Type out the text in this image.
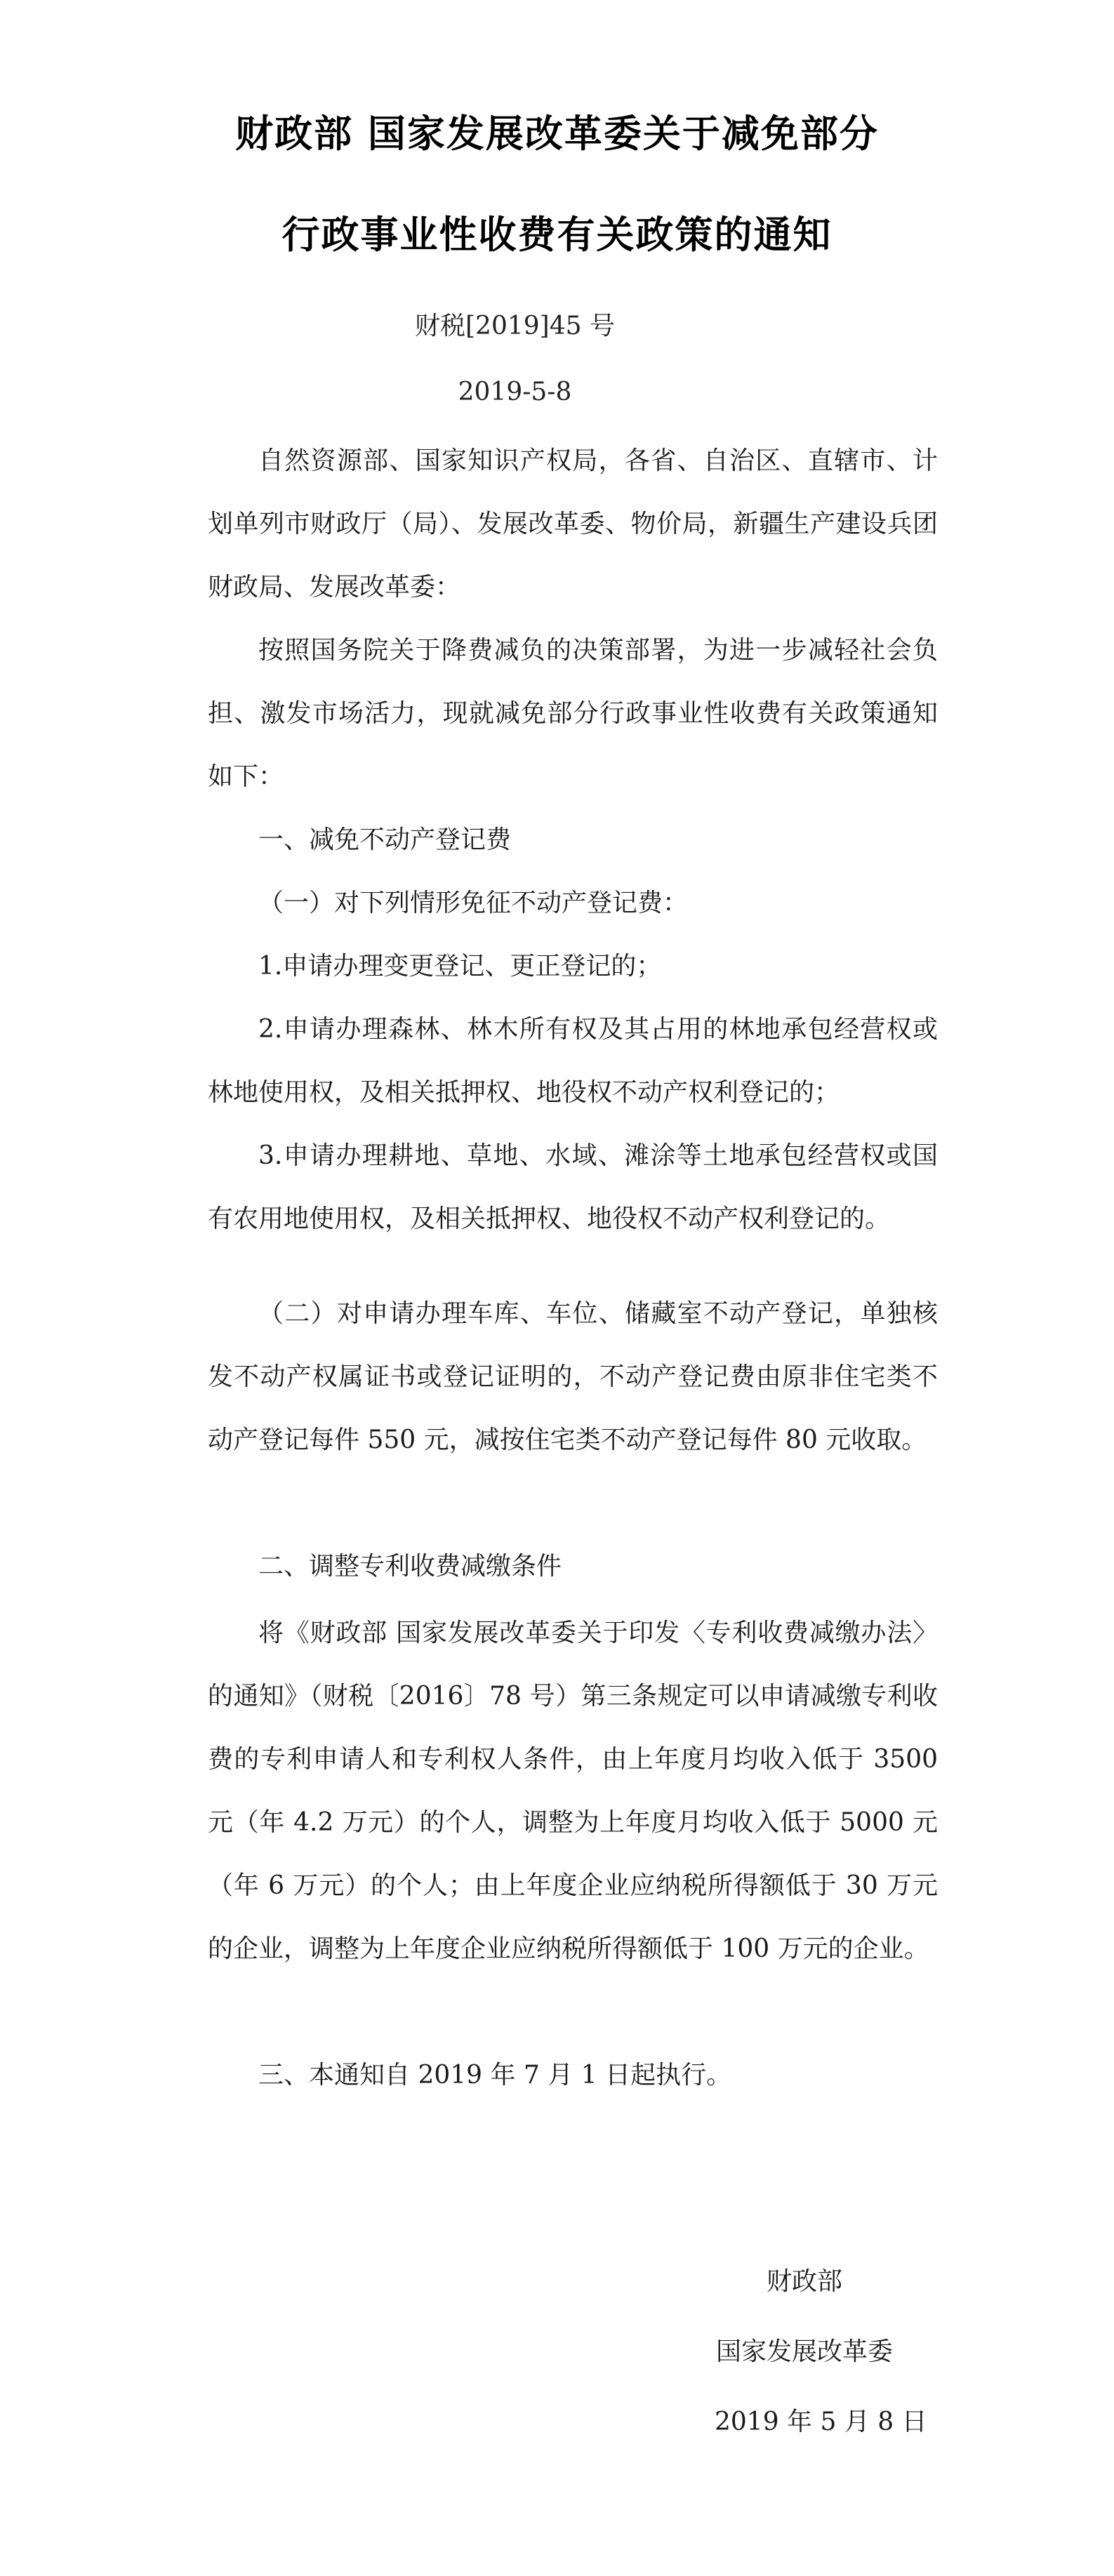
财政部 国家发展改革委关于减免部分
行政事业性收费有关政策的通知
财税[2019]45 号
2019-5-8

自然资源部、国家知识产权局，各省、自治区、直辖市、计划单列市财政厅（局）、发展改革委、物价局，新疆生产建设兵团财政局、发展改革委：

按照国务院关于降费减负的决策部署，为进一步减轻社会负担、激发市场活力，现就减免部分行政事业性收费有关政策通知如下：

一、减免不动产登记费

（一）对下列情形免征不动产登记费：

1.申请办理变更登记、更正登记的；

2.申请办理森林、林木所有权及其占用的林地承包经营权或林地使用权，及相关抵押权、地役权不动产权利登记的；

3.申请办理耕地、草地、水域、滩涂等土地承包经营权或国有农用地使用权，及相关抵押权、地役权不动产权利登记的。

（二）对申请办理车库、车位、储藏室不动产登记，单独核发不动产权属证书或登记证明的，不动产登记费由原非住宅类不动产登记每件 550 元，减按住宅类不动产登记每件 80 元收取。

二、调整专利收费减缴条件

将《财政部 国家发展改革委关于印发〈专利收费减缴办法〉的通知》（财税〔2016〕78 号）第三条规定可以申请减缴专利收费的专利申请人和专利权人条件，由上年度月均收入低于 3500 元（年 4.2 万元）的个人，调整为上年度月均收入低于 5000 元（年 6 万元）的个人；由上年度企业应纳税所得额低于 30 万元的企业，调整为上年度企业应纳税所得额低于 100 万元的企业。

三、本通知自 2019 年 7 月 1 日起执行。

财政部
国家发展改革委
2019 年 5 月 8 日
